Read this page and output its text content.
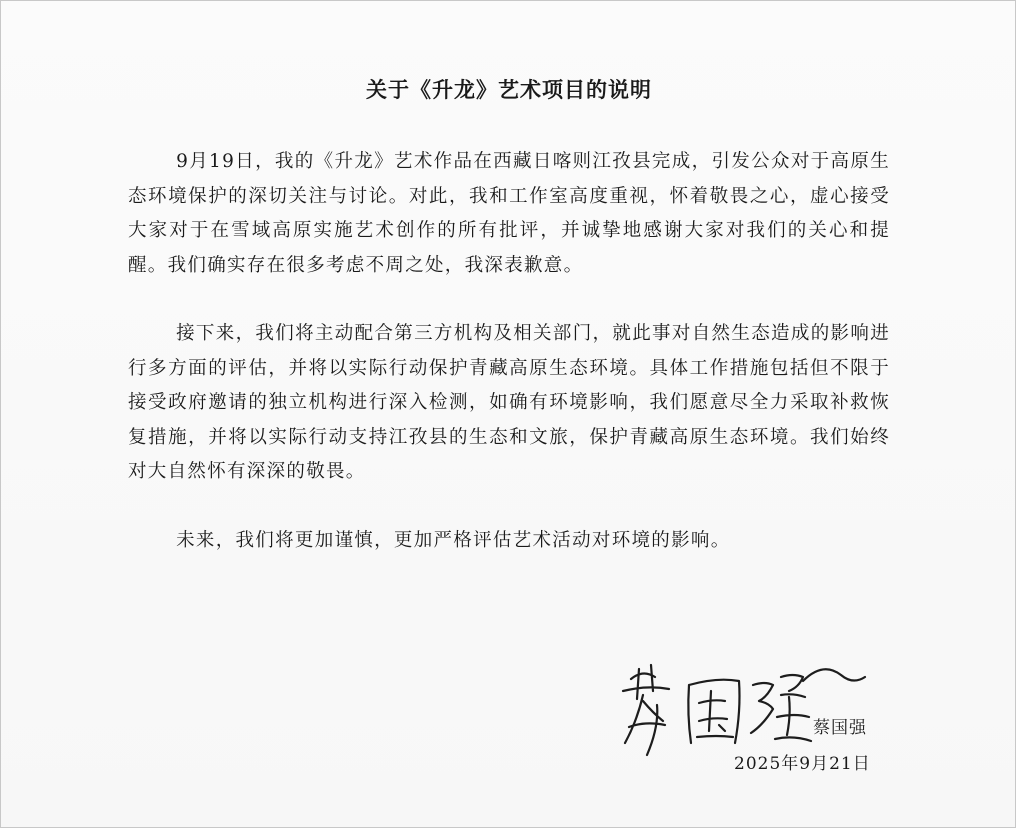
关于《升龙》艺术项目的说明

9月19日，我的《升龙》艺术作品在西藏日喀则江孜县完成，引发公众对于高原生态环境保护的深切关注与讨论。对此，我和工作室高度重视，怀着敬畏之心，虚心接受大家对于在雪域高原实施艺术创作的所有批评，并诚挚地感谢大家对我们的关心和提醒。我们确实存在很多考虑不周之处，我深表歉意。

接下来，我们将主动配合第三方机构及相关部门，就此事对自然生态造成的影响进行多方面的评估，并将以实际行动保护青藏高原生态环境。具体工作措施包括但不限于接受政府邀请的独立机构进行深入检测，如确有环境影响，我们愿意尽全力采取补救恢复措施，并将以实际行动支持江孜县的生态和文旅，保护青藏高原生态环境。我们始终对大自然怀有深深的敬畏。

未来，我们将更加谨慎，更加严格评估艺术活动对环境的影响。

蔡国强
2025年9月21日
